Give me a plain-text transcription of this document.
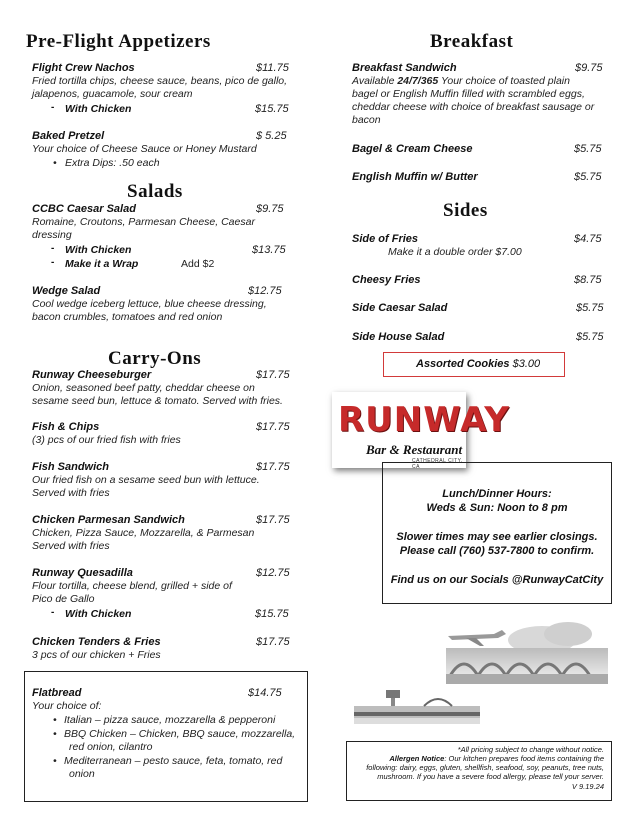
Pre-Flight Appetizers
Flight Crew Nachos	$11.75
Fried tortilla chips, cheese sauce, beans, pico de gallo,
jalapenos, guacamole, sour cream
- With Chicken	$15.75
Baked Pretzel	$ 5.25
Your choice of Cheese Sauce or Honey Mustard
• Extra Dips: .50 each
Salads
CCBC Caesar Salad	$9.75
Romaine, Croutons, Parmesan Cheese, Caesar
dressing
- With Chicken	$13.75
- Make it a Wrap	Add $2
Wedge Salad	$12.75
Cool wedge iceberg lettuce, blue cheese dressing,
bacon crumbles, tomatoes and red onion
Carry-Ons
Runway Cheeseburger	$17.75
Onion, seasoned beef patty, cheddar cheese on
sesame seed bun, lettuce & tomato. Served with fries.
Fish & Chips	$17.75
(3) pcs of our fried fish with fries
Fish Sandwich	$17.75
Our fried fish on a sesame seed bun with lettuce.
Served with fries
Chicken Parmesan Sandwich	$17.75
Chicken, Pizza Sauce, Mozzarella, & Parmesan
Served with fries
Runway Quesadilla	$12.75
Flour tortilla, cheese blend, grilled + side of
Pico de Gallo
- With Chicken	$15.75
Chicken Tenders & Fries	$17.75
3 pcs of our chicken + Fries
Flatbread	$14.75
Your choice of:
• Italian – pizza sauce, mozzarella & pepperoni
• BBQ Chicken – Chicken, BBQ sauce, mozzarella,
red onion, cilantro
• Mediterranean – pesto sauce, feta, tomato, red
onion
Breakfast
Breakfast Sandwich	$9.75
Available 24/7/365 Your choice of toasted plain
bagel or English Muffin filled with scrambled eggs,
cheddar cheese with choice of breakfast sausage or
bacon
Bagel & Cream Cheese	$5.75
English Muffin w/ Butter	$5.75
Sides
Side of Fries	$4.75
Make it a double order $7.00
Cheesy Fries	$8.75
Side Caesar Salad	$5.75
Side House Salad	$5.75
Assorted Cookies $3.00
RUNWAY
Bar & Restaurant
CATHEDRAL CITY, CA
Lunch/Dinner Hours:
Weds & Sun: Noon to 8 pm
Slower times may see earlier closings.
Please call (760) 537-7800 to confirm.
Find us on our Socials @RunwayCatCity
*All pricing subject to change without notice.
Allergen Notice: Our kitchen prepares food items containing the
following: dairy, eggs, gluten, shellfish, seafood, soy, peanuts, tree nuts,
mushroom. If you have a severe food allergy, please tell your server.
V 9.19.24
